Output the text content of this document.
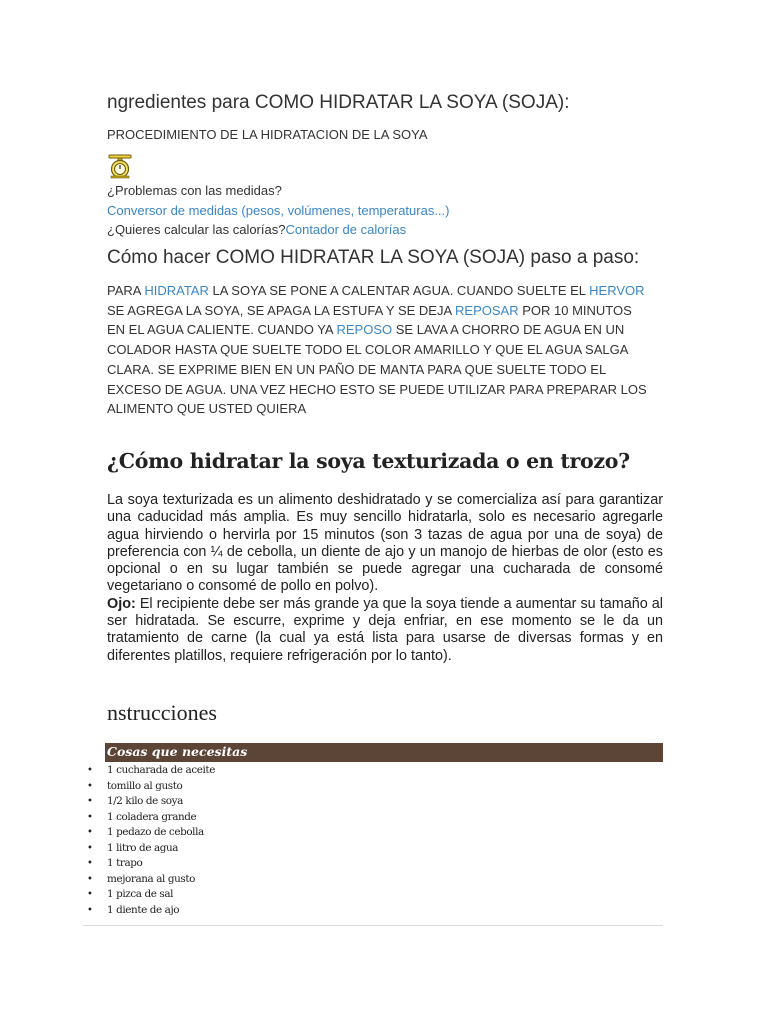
ngredientes para COMO HIDRATAR LA SOYA (SOJA):
PROCEDIMIENTO DE LA HIDRATACION DE LA SOYA
¿Problemas con las medidas?
Conversor de medidas (pesos, volúmenes, temperaturas...)
¿Quieres calcular las calorías?Contador de calorías
Cómo hacer COMO HIDRATAR LA SOYA (SOJA) paso a paso:

PARA HIDRATAR LA SOYA SE PONE A CALENTAR AGUA. CUANDO SUELTE EL HERVOR SE AGREGA LA SOYA, SE APAGA LA ESTUFA Y SE DEJA REPOSAR POR 10 MINUTOS EN EL AGUA CALIENTE. CUANDO YA REPOSO SE LAVA A CHORRO DE AGUA EN UN COLADOR HASTA QUE SUELTE TODO EL COLOR AMARILLO Y QUE EL AGUA SALGA CLARA. SE EXPRIME BIEN EN UN PAÑO DE MANTA PARA QUE SUELTE TODO EL EXCESO DE AGUA. UNA VEZ HECHO ESTO SE PUEDE UTILIZAR PARA PREPARAR LOS ALIMENTO QUE USTED QUIERA

¿Cómo hidratar la soya texturizada o en trozo?

La soya texturizada es un alimento deshidratado y se comercializa así para garantizar una caducidad más amplia. Es muy sencillo hidratarla, solo es necesario agregarle agua hirviendo o hervirla por 15 minutos (son 3 tazas de agua por una de soya) de preferencia con ¼ de cebolla, un diente de ajo y un manojo de hierbas de olor (esto es opcional o en su lugar también se puede agregar una cucharada de consomé vegetariano o consomé de pollo en polvo).
Ojo: El recipiente debe ser más grande ya que la soya tiende a aumentar su tamaño al ser hidratada. Se escurre, exprime y deja enfriar, en ese momento se le da un tratamiento de carne (la cual ya está lista para usarse de diversas formas y en diferentes platillos, requiere refrigeración por lo tanto).

nstrucciones
Cosas que necesitas
• 1 cucharada de aceite
• tomillo al gusto
• 1/2 kilo de soya
• 1 coladera grande
• 1 pedazo de cebolla
• 1 litro de agua
• 1 trapo
• mejorana al gusto
• 1 pizca de sal
• 1 diente de ajo
